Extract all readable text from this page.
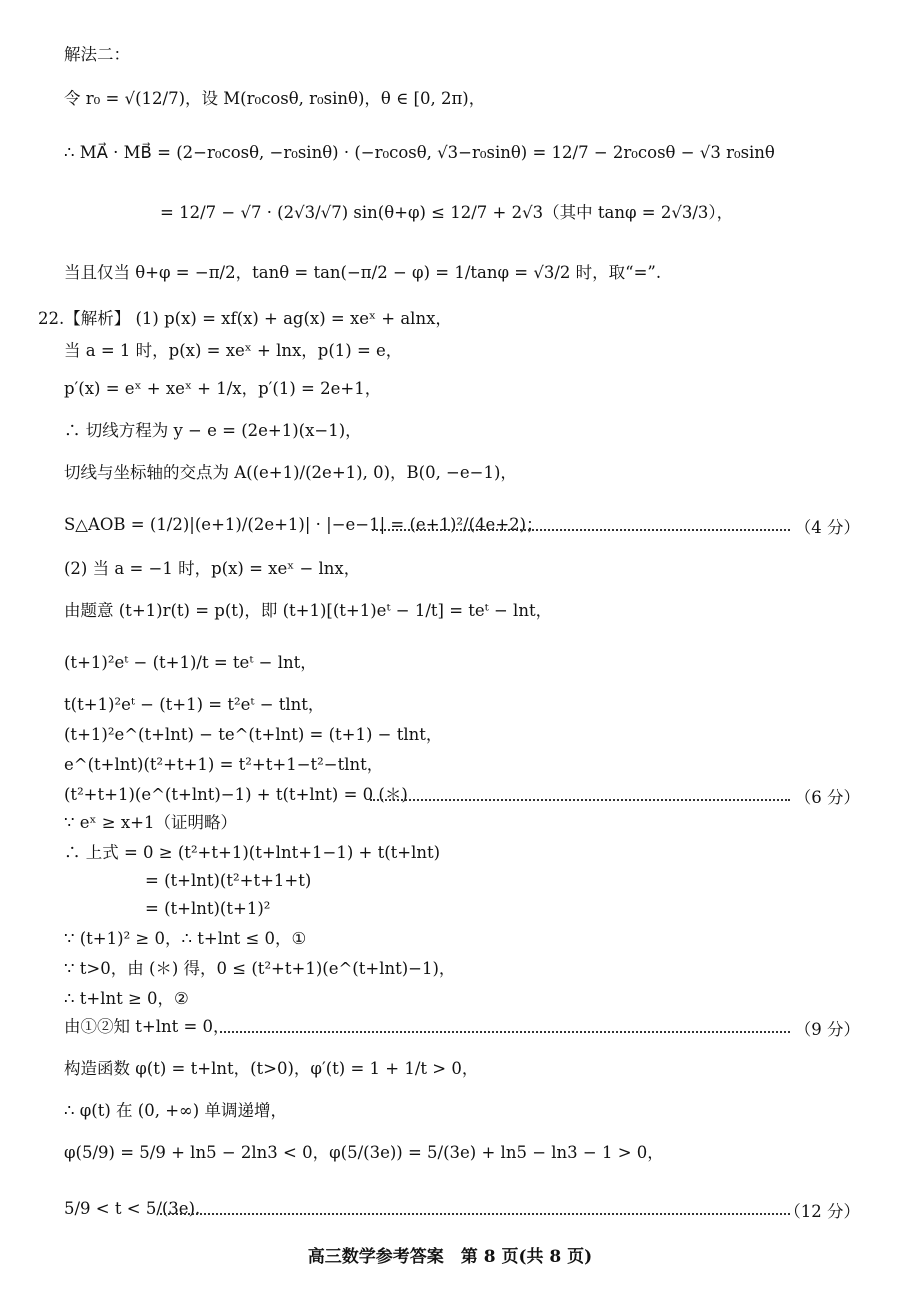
解法二：
令 r₀ = √(12/7)，设 M(r₀cosθ, r₀sinθ)，θ ∈ [0, 2π)，
∴ MA⃗ · MB⃗ = (2−r₀cosθ, −r₀sinθ) · (−r₀cosθ, √3−r₀sinθ) = 12/7 − 2r₀cosθ − √3 r₀sinθ
= 12/7 − √7 · (2√3/√7) sin(θ+φ) ≤ 12/7 + 2√3（其中 tanφ = 2√3/3），
当且仅当 θ+φ = −π/2，tanθ = tan(−π/2 − φ) = 1/tanφ = √3/2 时，取“=”.
22.【解析】 (1) p(x) = xf(x) + ag(x) = xeˣ + alnx，
当 a = 1 时，p(x) = xeˣ + lnx，p(1) = e，
p′(x) = eˣ + xeˣ + 1/x，p′(1) = 2e+1，
∴ 切线方程为 y − e = (2e+1)(x−1)，
切线与坐标轴的交点为 A((e+1)/(2e+1), 0)，B(0, −e−1)，
S△AOB = (1/2)|(e+1)/(2e+1)| · |−e−1| = (e+1)²/(4e+2)；	（4 分）
(2) 当 a = −1 时，p(x) = xeˣ − lnx，
由题意 (t+1)r(t) = p(t)，即 (t+1)[(t+1)eᵗ − 1/t] = teᵗ − lnt，
(t+1)²eᵗ − (t+1)/t = teᵗ − lnt，
t(t+1)²eᵗ − (t+1) = t²eᵗ − tlnt，
(t+1)²e^(t+lnt) − te^(t+lnt) = (t+1) − tlnt，
e^(t+lnt)(t²+t+1) = t²+t+1−t²−tlnt，
(t²+t+1)(e^(t+lnt)−1) + t(t+lnt) = 0 (＊)	（6 分）
∵ eˣ ≥ x+1（证明略）
∴ 上式 = 0 ≥ (t²+t+1)(t+lnt+1−1) + t(t+lnt)
= (t+lnt)(t²+t+1+t)
= (t+lnt)(t+1)²
∵ (t+1)² ≥ 0，∴ t+lnt ≤ 0，①
∵ t>0，由 (＊) 得，0 ≤ (t²+t+1)(e^(t+lnt)−1)，
∴ t+lnt ≥ 0，②
由①②知 t+lnt = 0，	（9 分）
构造函数 φ(t) = t+lnt，(t>0)，φ′(t) = 1 + 1/t > 0，
∴ φ(t) 在 (0, +∞) 单调递增，
φ(5/9) = 5/9 + ln5 − 2ln3 < 0，φ(5/(3e)) = 5/(3e) + ln5 − ln3 − 1 > 0，
5/9 < t < 5/(3e).	（12 分）
高三数学参考答案　第 8 页(共 8 页)
